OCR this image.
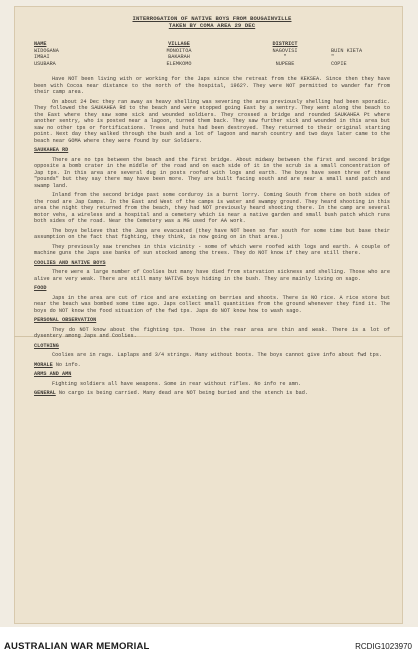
INTERROGATION OF NATIVE BOYS FROM BOUGAINVILLE
TAKEN BY COMA AREA 29 DEC
NAME	VILLAGE	DISTRICT
WIDOGANA	MONOITOA	NAGOVISI	BUIN KIETA
IMBAI	BAKARAH	"	"
USUBARA	ELEMKOMO	NUPEBE	COPIE
Have NOT been living with or working for the Japs since the retreat from the KEKSEA. Since then they have been with Cocoa near distance to the north of the hospital, 1962?. They were NOT permitted to wander far from their camp area.
On about 24 Dec they ran away as heavy shelling was severing the area previously shelling had been sporadic. They followed the SAUKAHEA Rd to the beach and were stopped going East by a sentry. They went along the beach to the East where they saw some sick and wounded soldiers. They crossed a bridge and rounded SAUKAHEA Pt where another sentry, who is posted near a lagoon, turned them back. They saw further sick and wounded in this area but saw no other tps or fortifications. Trees and huts had been destroyed. They returned to their original starting point. Next day they walked through the bush and a lot of lagoon and marsh country and two days later came to the beach near GOMA where they were found by our Soldiers.
SAUKAHEA RD
There are no tps between the beach and the first bridge. About midway between the first and second bridge opposite a bomb crater in the middle of the road and on each side of it in the scrub is a small concentration of Jap tps. In this area are several dug in posts roofed with logs and earth. The boys have seen three of these "pounds" but they say there may have been more. They are built facing south and are near a small sand patch and swamp land.
Inland from the second bridge past some corduroy is a burnt lorry. Coming South from there on both sides of the road are Jap Camps. In the East and West of the camps is water and swampy ground. They heard shooting in this area the night they returned from the beach, they had NOT previously heard shooting there. In the camp are several motor vehs, a wireless and a hospital and a cemetery which is near a native garden and small bush patch which runs both sides of the road. Near the Cemetery was a MG used for AA work.
The boys believe that the Japs are evacuated (they have NOT been so far south for some time but base their assumption on the fact that fighting, they think, is now going on in that area.)
They previously saw trenches in this vicinity - some of which were roofed with logs and earth. A couple of machine guns the Japs use banks of sun stocked among the trees. They do NOT know if they are still there.
COOLIES AND NATIVE BOYS
There were a large number of Coolies but many have died from starvation sickness and shelling. Those who are alive are very weak. There are still many NATIVE boys hiding in the bush. They are mainly living on sago.
FOOD
Japs in the area are cut of rice and are existing on berries and shoots. There is NO rice. A rice store but near the beach was bombed some time ago. Japs collect small quantities from the ground whenever they find it. The boys do NOT know the food situation of the fwd tps. Japs do NOT know how to wash sago.
PERSONAL OBSERVATION
They do NOT know about the fighting tps. Those in the rear area are thin and weak. There is a lot of dysentery among Japs and Coolies.
CLOTHING
Coolies are in rags. Laplaps and 3/4 strings. Many without boots. The boys cannot give info about fwd tps.
MORALE No info.
ARMS AND AMN
Fighting soldiers all have weapons. Some in rear without rifles. No info re amn.
GENERAL No cargo is being carried. Many dead are NOT being buried and the stench is bad.
AUSTRALIAN WAR MEMORIAL	RCDIG1023970
